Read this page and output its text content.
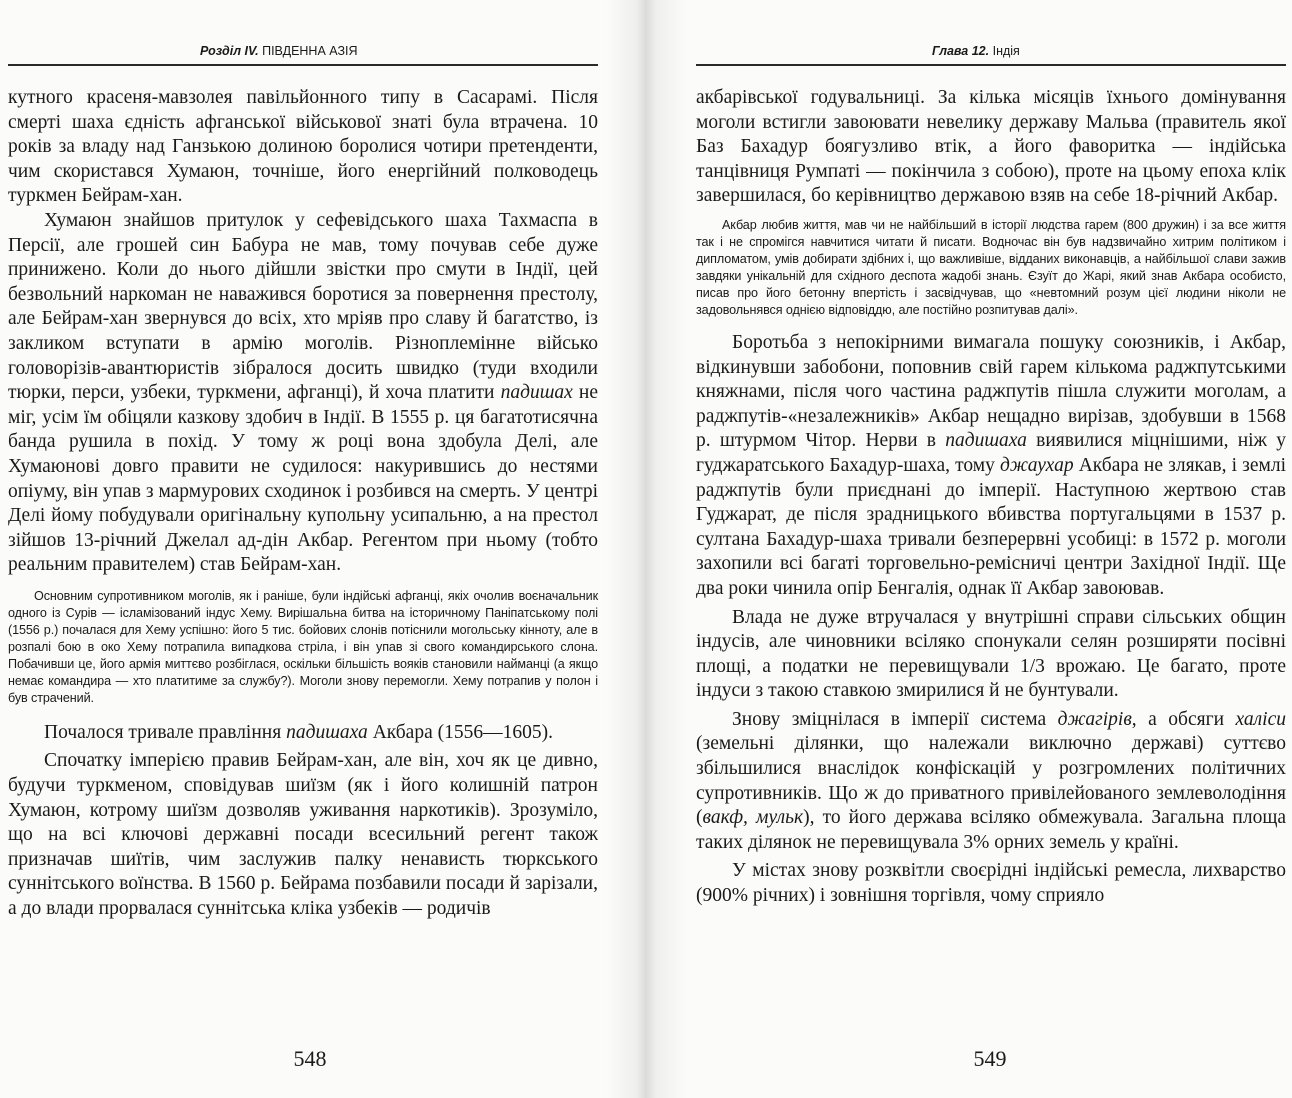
Розділ IV. ПІВДЕННА АЗІЯ

кутного красеня-мавзолея павільйонного типу в Сасарамі. Після смерті шаха єдність афганської військової знаті була втрачена. 10 років за владу над Ганзькою долиною боролися чотири претенденти, чим скористався Хумаюн, точніше, його енергійний полководець туркмен Бейрам-хан.

Хумаюн знайшов притулок у сефевідського шаха Тахмаспа в Персії, але грошей син Бабура не мав, тому почував себе дуже приниженo. Коли до нього дійшли звістки про смути в Індії, цей безвольний наркоман не наважився боротися за повернення престолу, але Бейрам-хан звернувся до всіх, хто мріяв про славу й багатство, із закликом вступати в армію моголів. Різноплемінне військо головорізів-авантюристів зібралося досить швидко (туди входили тюрки, перси, узбеки, туркмени, афганці), й хоча платити падишах не міг, усім їм обіцяли казкову здобич в Індії. В 1555 р. ця багатотисячна банда рушила в похід. У тому ж році вона здобула Делі, але Хумаюнові довго правити не судилося: накурившись до нестями опіуму, він упав з мармурових сходинок і розбився на смерть. У центрі Делі йому побудували оригінальну купольну усипальню, а на престол зійшов 13-річний Джелал ад-дін Акбар. Регентом при ньому (тобто реальним правителем) став Бейрам-хан.

Основним супротивником моголів, як і раніше, були індійські афганці, якіх очолив воєначальник одного із Сурів — ісламізований індус Хему. Вирішальна битва на історичному Паніпатському полі (1556 р.) почалася для Хему успішно: його 5 тис. бойових слонів потіснили могольську кінноту, але в розпалі бою в око Хему потрапила випадкова стріла, і він упав зі свого командирського слона. Побачивши це, його армія миттєво розбіглася, оскільки більшість вояків становили найманці (а якщо немає командира — хто платитиме за службу?). Моголи знову перемогли. Хему потрапив у полон і був страчений.

Почалося тривале правління падишаха Акбара (1556—1605).

Спочатку імперією правив Бейрам-хан, але він, хоч як це дивно, будучи туркменом, сповідував шиїзм (як і його колишній патрон Хумаюн, котрому шиїзм дозволяв уживання наркотиків). Зрозуміло, що на всі ключові державні посади всесильний регент також призначав шиїтів, чим заслужив палку ненависть тюркського суннітського воїнства. В 1560 р. Бейрама позбавили посади й зарізали, а до влади прорвалася суннітська кліка узбеків — родичів

548
Глава 12. Індія

акбарівської годувальниці. За кілька місяців їхнього домінування моголи встигли завоювати невелику державу Мальва (правитель якої Баз Бахадур боягузливо втік, а його фаворитка — індійська танцівниця Румпаті — покінчила з собою), проте на цьому епоха клік завершилася, бо керівництво державою взяв на себе 18-річний Акбар.

Акбар любив життя, мав чи не найбільший в історії людства гарем (800 дружин) і за все життя так і не спромігся навчитися читати й писати. Водночас він був надзвичайно хитрим політиком і дипломатом, умів добирати здібних і, що важливіше, відданих виконавців, а найбільшої слави зажив завдяки унікальній для східного деспота жадобі знань. Єзуїт до Жарі, який знав Акбара особисто, писав про його бетонну впертість і засвідчував, що «невтомний розум цієї людини ніколи не задовольнявся однією відповіддю, але постійно розпитував далі».

Боротьба з непокірними вимагала пошуку союзників, і Акбар, відкинувши забобони, поповнив свій гарем кількома раджпутськими княжнами, після чого частина раджпутів пішла служити моголам, а раджпутів-«незалежників» Акбар нещадно вирізав, здобувши в 1568 р. штурмом Чітор. Нерви в падишаха виявилися міцнішими, ніж у гуджаратського Бахадур-шаха, тому джаухар Акбара не злякав, і землі раджпутів були приєднані до імперії. Наступною жертвою став Гуджарат, де після зрадницького вбивства португальцями в 1537 р. султана Бахадур-шаха тривали безперервні усобиці: в 1572 р. моголи захопили всі багаті торговельно-ремісничі центри Західної Індії. Ще два роки чинила опір Бенгалія, однак її Акбар завоював.

Влада не дуже втручалася у внутрішні справи сільських общин індусів, але чиновники всіляко спонукали селян розширяти посівні площі, а податки не перевищували 1/3 врожаю. Це багато, проте індуси з такою ставкою змирилися й не бунтували.

Знову зміцнілася в імперії система джагірів, а обсяги халіси (земельні ділянки, що належали виключно державі) суттєво збільшилися внаслідок конфіскацій у розгромлених політичних супротивників. Що ж до приватного привілейованого землеволодіння (вакф, мульк), то його держава всіляко обмежувала. Загальна площа таких ділянок не перевищувала 3% орних земель у країні.

У містах знову розквітли своєрідні індійські ремесла, лихварство (900% річних) і зовнішня торгівля, чому сприяло

549
